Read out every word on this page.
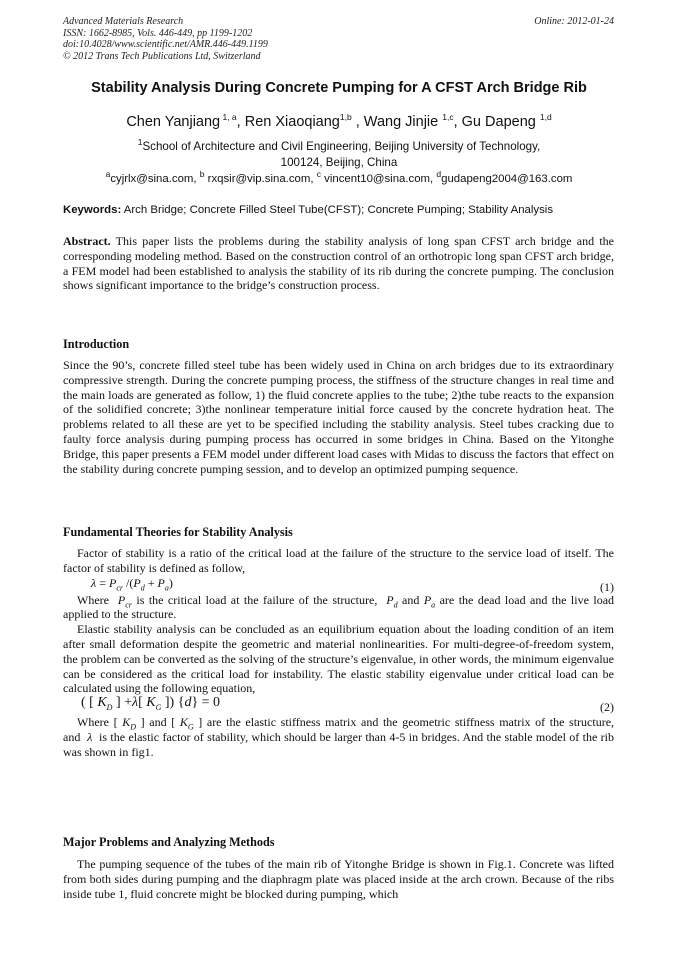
Advanced Materials Research
ISSN: 1662-8985, Vols. 446-449, pp 1199-1202
doi:10.4028/www.scientific.net/AMR.446-449.1199
© 2012 Trans Tech Publications Ltd, Switzerland
Online: 2012-01-24
Stability Analysis During Concrete Pumping for A CFST Arch Bridge Rib
Chen Yanjiang $^{1, a}$, Ren Xiaoqiang$^{1,b}$ , Wang Jinjie $^{1,c}$, Gu Dapeng $^{1,d}$
$^1$School of Architecture and Civil Engineering, Beijing University of Technology,
100124, Beijing, China
$^a$cyjrlx@sina.com, $^b$ rxqsir@vip.sina.com, $^c$ vincent10@sina.com, $^d$gudapeng2004@163.com
Keywords: Arch Bridge; Concrete Filled Steel Tube(CFST); Concrete Pumping; Stability Analysis
Abstract. This paper lists the problems during the stability analysis of long span CFST arch bridge and the corresponding modeling method. Based on the construction control of an orthotropic long span CFST arch bridge, a FEM model had been established to analysis the stability of its rib during the concrete pumping. The conclusion shows significant importance to the bridge’s construction process.
Introduction
Since the 90’s, concrete filled steel tube has been widely used in China on arch bridges due to its extraordinary compressive strength. During the concrete pumping process, the stiffness of the structure changes in real time and the main loads are generated as follow, 1) the fluid concrete applies to the tube; 2)the tube reacts to the expansion of the solidified concrete; 3)the nonlinear temperature initial force caused by the concrete hydration heat. The problems related to all these are yet to be specified including the stability analysis. Steel tubes cracking due to faulty force analysis during pumping process has occurred in some bridges in China. Based on the Yitonghe Bridge, this paper presents a FEM model under different load cases with Midas to discuss the factors that effect on the stability during concrete pumping session, and to develop an optimized pumping sequence.
Fundamental Theories for Stability Analysis

Factor of stability is a ratio of the critical load at the failure of the structure to the service load of itself. The factor of stability is defined as follow,

$\lambda = P_{cr}$ $/(P_d + P_a)$	(1)

Where $P_{cr}$ is the critical load at the failure of the structure, $P_d$ and $P_a$ are the dead load and the live load applied to the structure.

Elastic stability analysis can be concluded as an equilibrium equation about the loading condition of an item after small deformation despite the geometric and material nonlinearities. For multi-degree-of-freedom system, the problem can be converted as the solving of the structure’s eigenvalue, in other words, the minimum eigenvalue can be considered as the critical load for instability. The elastic stability eigenvalue under critical load can be calculated using the following equation,

( [ $K_D$ ] +λ[ $K_G$ ]) {d} = 0	(2)

Where [ $K_D$ ] and [ $K_G$ ] are the elastic stiffness matrix and the geometric stiffness matrix of the structure, and λ is the elastic factor of stability, which should be larger than 4-5 in bridges. And the stable model of the rib was shown in fig1.

Major Problems and Analyzing Methods
The pumping sequence of the tubes of the main rib of Yitonghe Bridge is shown in Fig.1. Concrete was lifted from both sides during pumping and the diaphragm plate was placed inside at the arch crown. Because of the ribs inside tube 1, fluid concrete might be blocked during pumping, which
